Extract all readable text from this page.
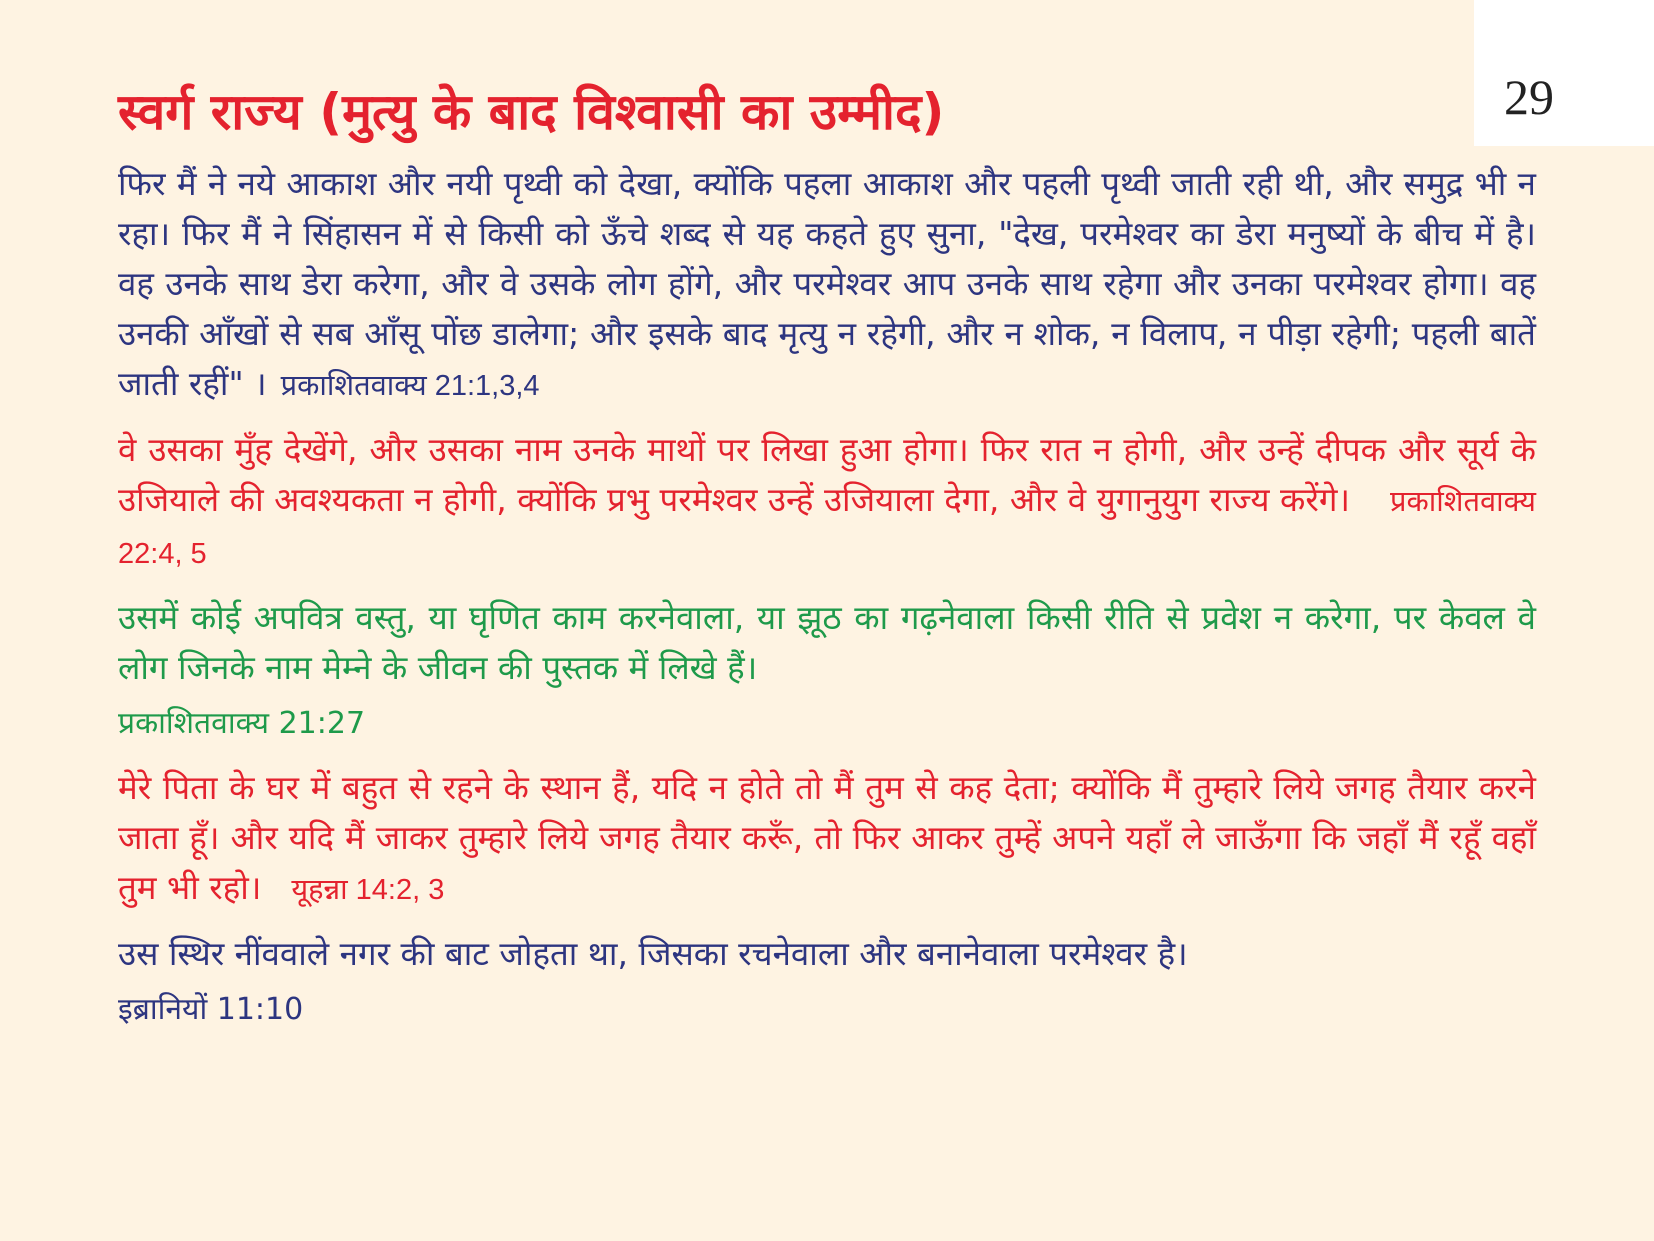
29
स्वर्ग राज्य (मुत्यु के बाद विश्वासी का उम्मीद)

फिर मैं ने नये आकाश और नयी पृथ्वी को देखा, क्योंकि पहला आकाश और पहली पृथ्वी जाती रही थी, और समुद्र भी न रहा। फिर मैं ने सिंहासन में से किसी को ऊँचे शब्द से यह कहते हुए सुना, "देख, परमेश्वर का डेरा मनुष्यों के बीच में है। वह उनके साथ डेरा करेगा, और वे उसके लोग होंगे, और परमेश्वर आप उनके साथ रहेगा और उनका परमेश्वर होगा। वह उनकी आँखों से सब आँसू पोंछ डालेगा; और इसके बाद मृत्यु न रहेगी, और न शोक, न विलाप, न पीड़ा रहेगी; पहली बातें जाती रहीं" । प्रकाशितवाक्य 21:1,3,4

वे उसका मुँह देखेंगे, और उसका नाम उनके माथों पर लिखा हुआ होगा। फिर रात न होगी, और उन्हें दीपक और सूर्य के उजियाले की अवश्यकता न होगी, क्योंकि प्रभु परमेश्वर उन्हें उजियाला देगा, और वे युगानुयुग राज्य करेंगे। प्रकाशितवाक्य 22:4, 5

उसमें कोई अपवित्र वस्तु, या घृणित काम करनेवाला, या झूठ का गढ़नेवाला किसी रीति से प्रवेश न करेगा, पर केवल वे लोग जिनके नाम मेम्ने के जीवन की पुस्तक में लिखे हैं।
प्रकाशितवाक्य 21:27

मेरे पिता के घर में बहुत से रहने के स्थान हैं, यदि न होते तो मैं तुम से कह देता; क्योंकि मैं तुम्हारे लिये जगह तैयार करने जाता हूँ। और यदि मैं जाकर तुम्हारे लिये जगह तैयार करूँ, तो फिर आकर तुम्हें अपने यहाँ ले जाऊँगा कि जहाँ मैं रहूँ वहाँ तुम भी रहो। यूहन्ना 14:2, 3

उस स्थिर नींववाले नगर की बाट जोहता था, जिसका रचनेवाला और बनानेवाला परमेश्वर है।
इब्रानियों 11:10
